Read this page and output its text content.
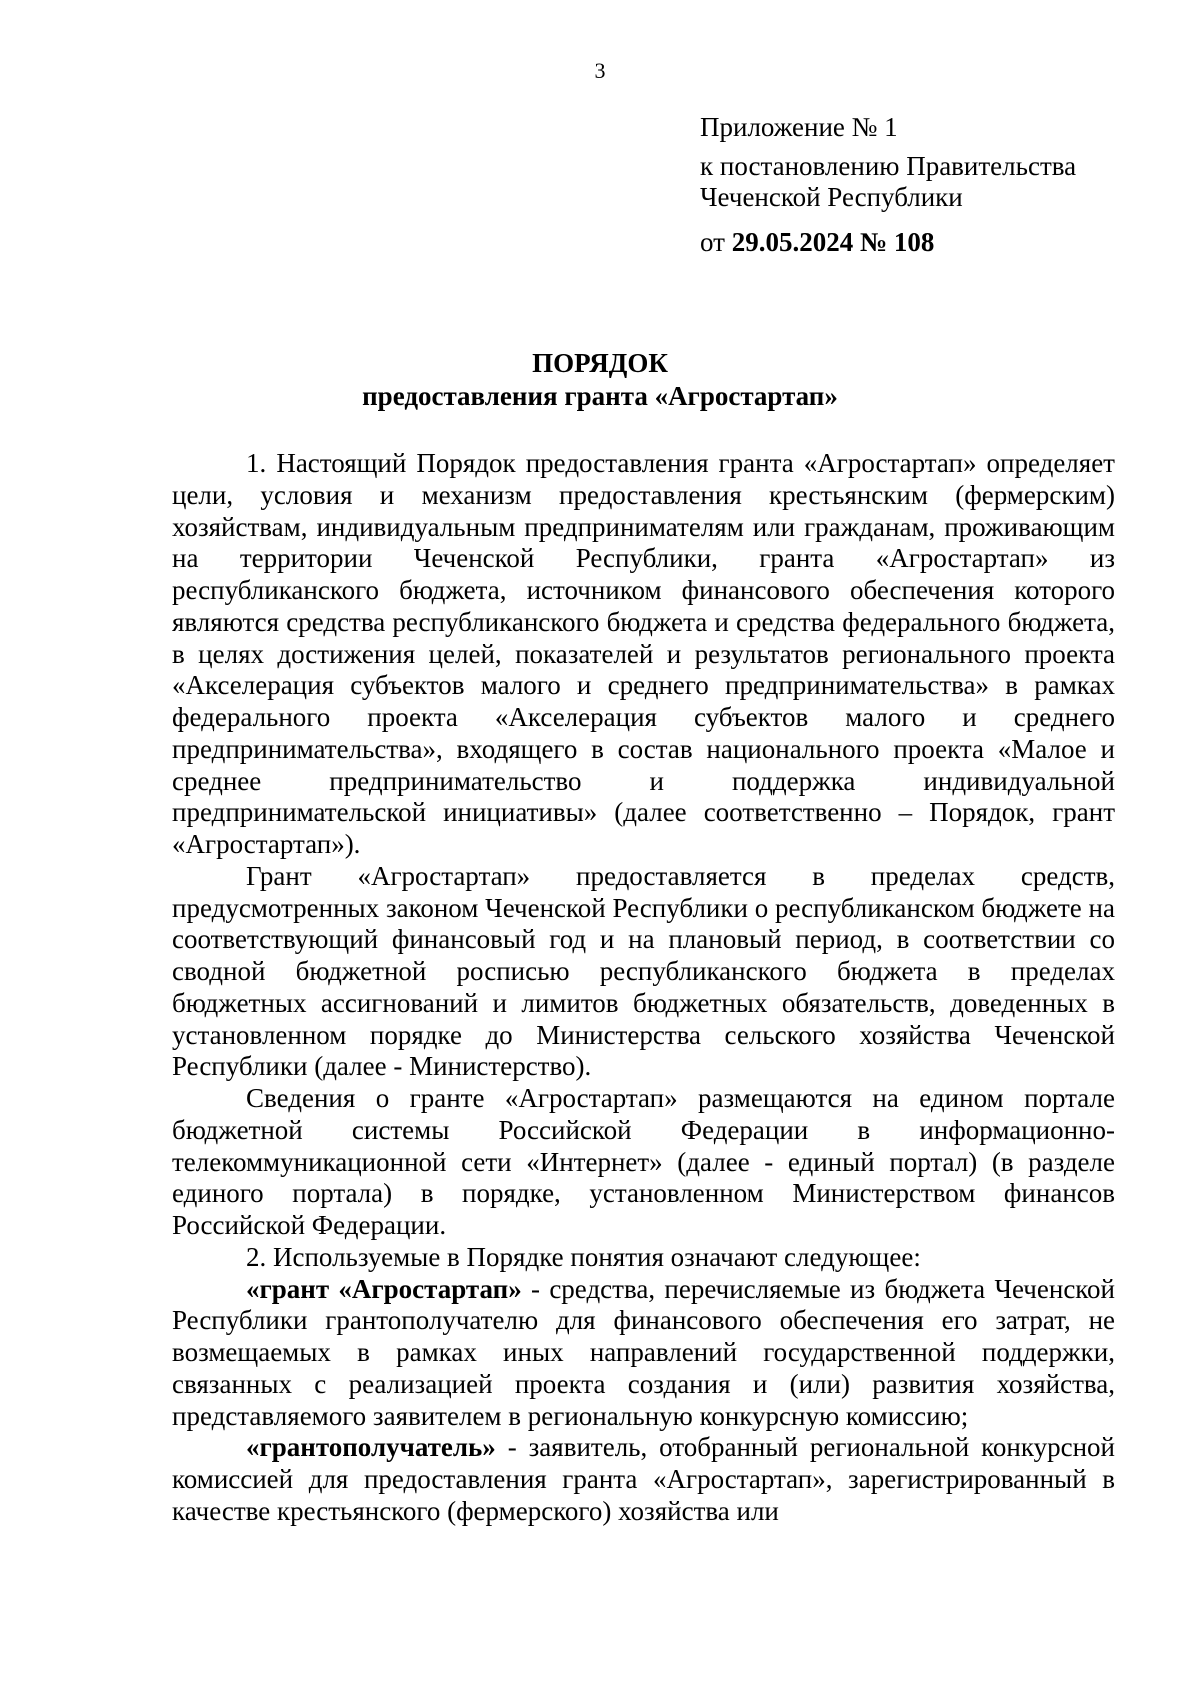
3
Приложение № 1
к постановлению Правительства
Чеченской Республики
от 29.05.2024 № 108
ПОРЯДОК
предоставления гранта «Агростартап»

1. Настоящий Порядок предоставления гранта «Агростартап» определяет цели, условия и механизм предоставления крестьянским (фермерским) хозяйствам, индивидуальным предпринимателям или гражданам, проживающим на территории Чеченской Республики, гранта «Агростартап» из республиканского бюджета, источником финансового обеспечения которого являются средства республиканского бюджета и средства федерального бюджета, в целях достижения целей, показателей и результатов регионального проекта «Акселерация субъектов малого и среднего предпринимательства» в рамках федерального проекта «Акселерация субъектов малого и среднего предпринимательства», входящего в состав национального проекта «Малое и среднее предпринимательство и поддержка индивидуальной предпринимательской инициативы» (далее соответственно – Порядок, грант «Агростартап»).

Грант «Агростартап» предоставляется в пределах средств, предусмотренных законом Чеченской Республики о республиканском бюджете на соответствующий финансовый год и на плановый период, в соответствии со сводной бюджетной росписью республиканского бюджета в пределах бюджетных ассигнований и лимитов бюджетных обязательств, доведенных в установленном порядке до Министерства сельского хозяйства Чеченской Республики (далее - Министерство).

Сведения о гранте «Агростартап» размещаются на едином портале бюджетной системы Российской Федерации в информационно-телекоммуникационной сети «Интернет» (далее - единый портал) (в разделе единого портала) в порядке, установленном Министерством финансов Российской Федерации.

2. Используемые в Порядке понятия означают следующее:

«грант «Агростартап» - средства, перечисляемые из бюджета Чеченской Республики грантополучателю для финансового обеспечения его затрат, не возмещаемых в рамках иных направлений государственной поддержки, связанных с реализацией проекта создания и (или) развития хозяйства, представляемого заявителем в региональную конкурсную комиссию;

«грантополучатель» - заявитель, отобранный региональной конкурсной комиссией для предоставления гранта «Агростартап», зарегистрированный в качестве крестьянского (фермерского) хозяйства или
